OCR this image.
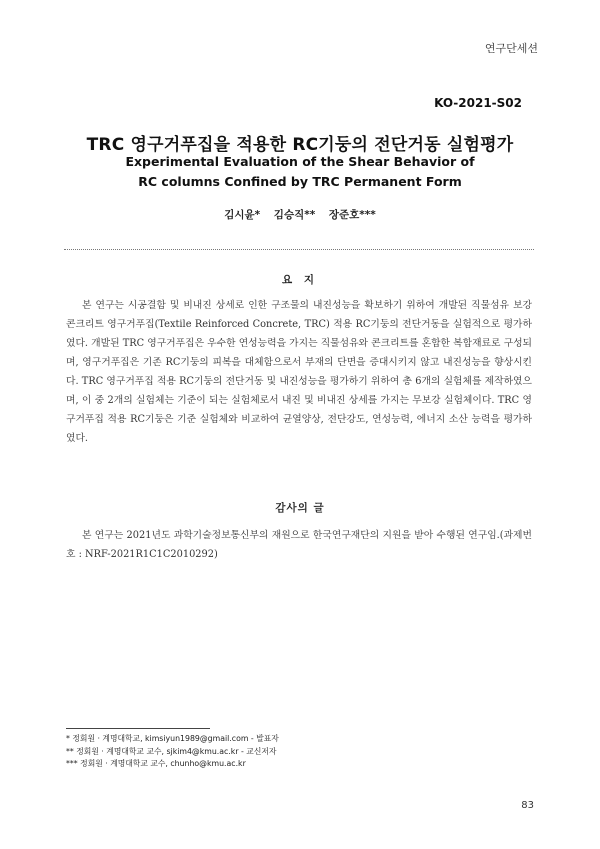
연구단세션
KO-2021-S02
TRC 영구거푸집을 적용한 RC기둥의 전단거동 실험평가
Experimental Evaluation of the Shear Behavior of
RC columns Confined by TRC Permanent Form
김시윤* 김승직** 장준호***
요 지
본 연구는 시공결함 및 비내진 상세로 인한 구조물의 내진성능을 확보하기 위하여 개발된 직물섬유 보강 콘크리트 영구거푸집(Textile Reinforced Concrete, TRC) 적용 RC기둥의 전단거동을 실험적으로 평가하였다. 개발된 TRC 영구거푸집은 우수한 연성능력을 가지는 직물섬유와 콘크리트를 혼합한 복합재료로 구성되며, 영구거푸집은 기존 RC기둥의 피복을 대체함으로서 부재의 단면을 증대시키지 않고 내진성능을 향상시킨다. TRC 영구거푸집 적용 RC기둥의 전단거동 및 내진성능을 평가하기 위하여 총 6개의 실험체를 제작하였으며, 이 중 2개의 실험체는 기준이 되는 실험체로서 내진 및 비내진 상세를 가지는 무보강 실험체이다. TRC 영구거푸집 적용 RC기둥은 기준 실험체와 비교하여 균열양상, 전단강도, 연성능력, 에너지 소산 능력을 평가하였다.
감사의 글
본 연구는 2021년도 과학기술정보통신부의 재원으로 한국연구재단의 지원을 받아 수행된 연구임.(과제번호 : NRF-2021R1C1C2010292)
* 정회원 · 계명대학교, kimsiyun1989@gmail.com - 발표자
** 정회원 · 계명대학교 교수, sjkim4@kmu.ac.kr - 교신저자
*** 정회원 · 계명대학교 교수, chunho@kmu.ac.kr
83
